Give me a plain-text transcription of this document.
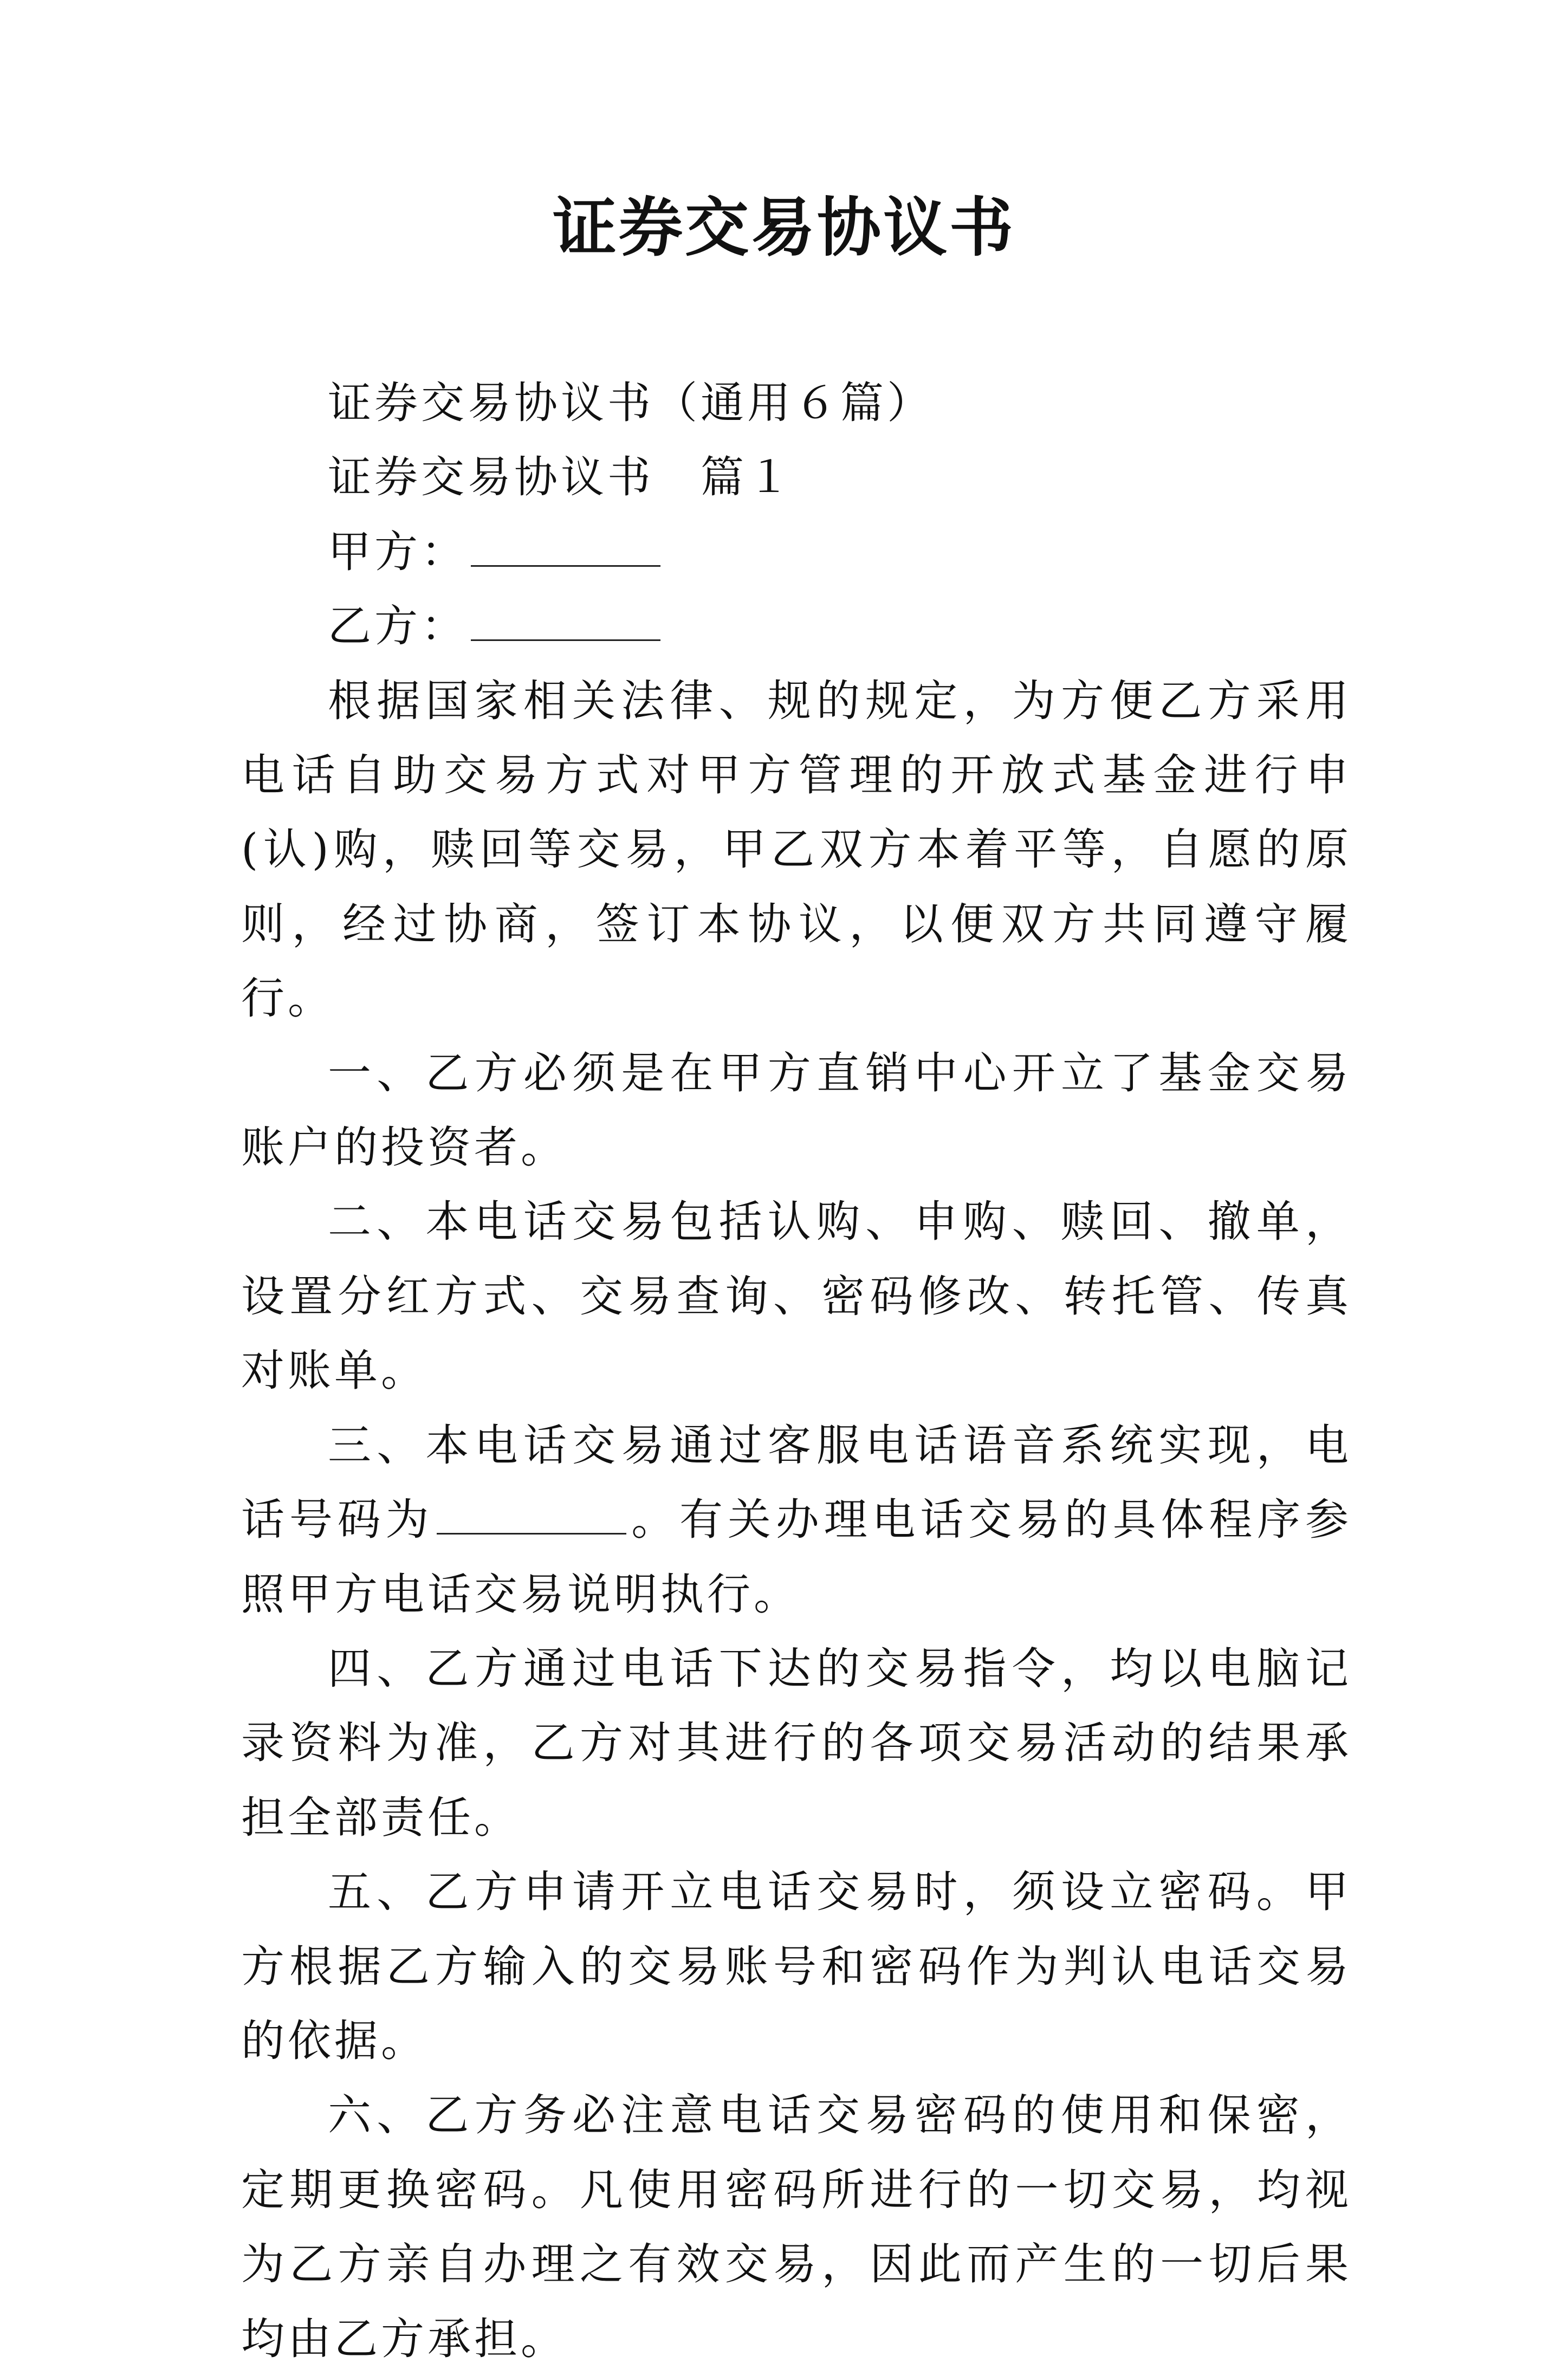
证券交易协议书

证券交易协议书（通用６篇）

证券交易协议书　篇１

甲方：

乙方：

根据国家相关法律、规的规定，为方便乙方采用电话自助交易方式对甲方管理的开放式基金进行申(认)购，赎回等交易，甲乙双方本着平等，自愿的原则，经过协商，签订本协议，以便双方共同遵守履行。

一、乙方必须是在甲方直销中心开立了基金交易账户的投资者。

二、本电话交易包括认购、申购、赎回、撤单，设置分红方式、交易查询、密码修改、转托管、传真对账单。

三、本电话交易通过客服电话语音系统实现，电话号码为	。有关办理电话交易的具体程序参照甲方电话交易说明执行。

四、乙方通过电话下达的交易指令，均以电脑记录资料为准，乙方对其进行的各项交易活动的结果承担全部责任。

五、乙方申请开立电话交易时，须设立密码。甲方根据乙方输入的交易账号和密码作为判认电话交易的依据。

六、乙方务必注意电话交易密码的使用和保密，定期更换密码。凡使用密码所进行的一切交易，均视为乙方亲自办理之有效交易，因此而产生的一切后果均由乙方承担。
